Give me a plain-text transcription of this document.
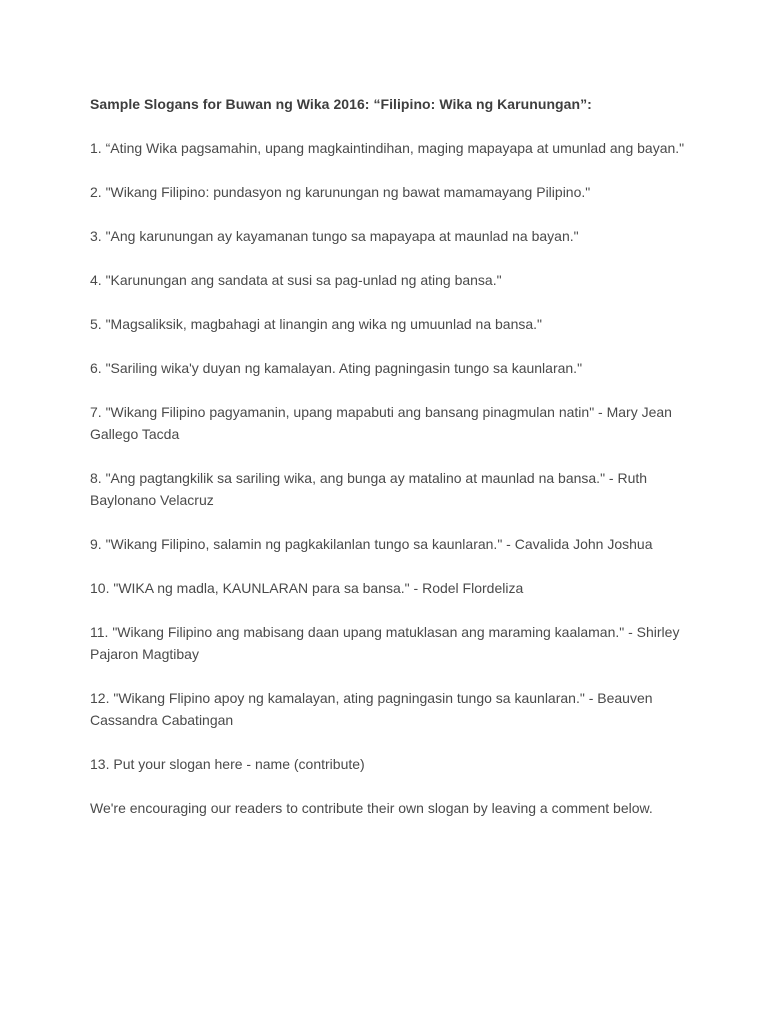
Sample Slogans for Buwan ng Wika 2016: “Filipino: Wika ng Karunungan”:

1. “Ating Wika pagsamahin, upang magkaintindihan, maging mapayapa at umunlad ang bayan."
2. "Wikang Filipino: pundasyon ng karunungan ng bawat mamamayang Pilipino."
3. "Ang karunungan ay kayamanan tungo sa mapayapa at maunlad na bayan."
4. "Karunungan ang sandata at susi sa pag-unlad ng ating bansa."
5. "Magsaliksik, magbahagi at linangin ang wika ng umuunlad na bansa."
6. "Sariling wika'y duyan ng kamalayan. Ating pagningasin tungo sa kaunlaran."
7. "Wikang Filipino pagyamanin, upang mapabuti ang bansang pinagmulan natin" - Mary Jean Gallego Tacda
8. "Ang pagtangkilik sa sariling wika, ang bunga ay matalino at maunlad na bansa." - Ruth Baylonano Velacruz
9. "Wikang Filipino, salamin ng pagkakilanlan tungo sa kaunlaran." - Cavalida John Joshua
10. "WIKA ng madla, KAUNLARAN para sa bansa." - Rodel Flordeliza
11. "Wikang Filipino ang mabisang daan upang matuklasan ang maraming kaalaman." - Shirley Pajaron Magtibay
12. "Wikang Flipino apoy ng kamalayan, ating pagningasin tungo sa kaunlaran." - Beauven Cassandra Cabatingan
13. Put your slogan here - name (contribute)

We're encouraging our readers to contribute their own slogan by leaving a comment below.
